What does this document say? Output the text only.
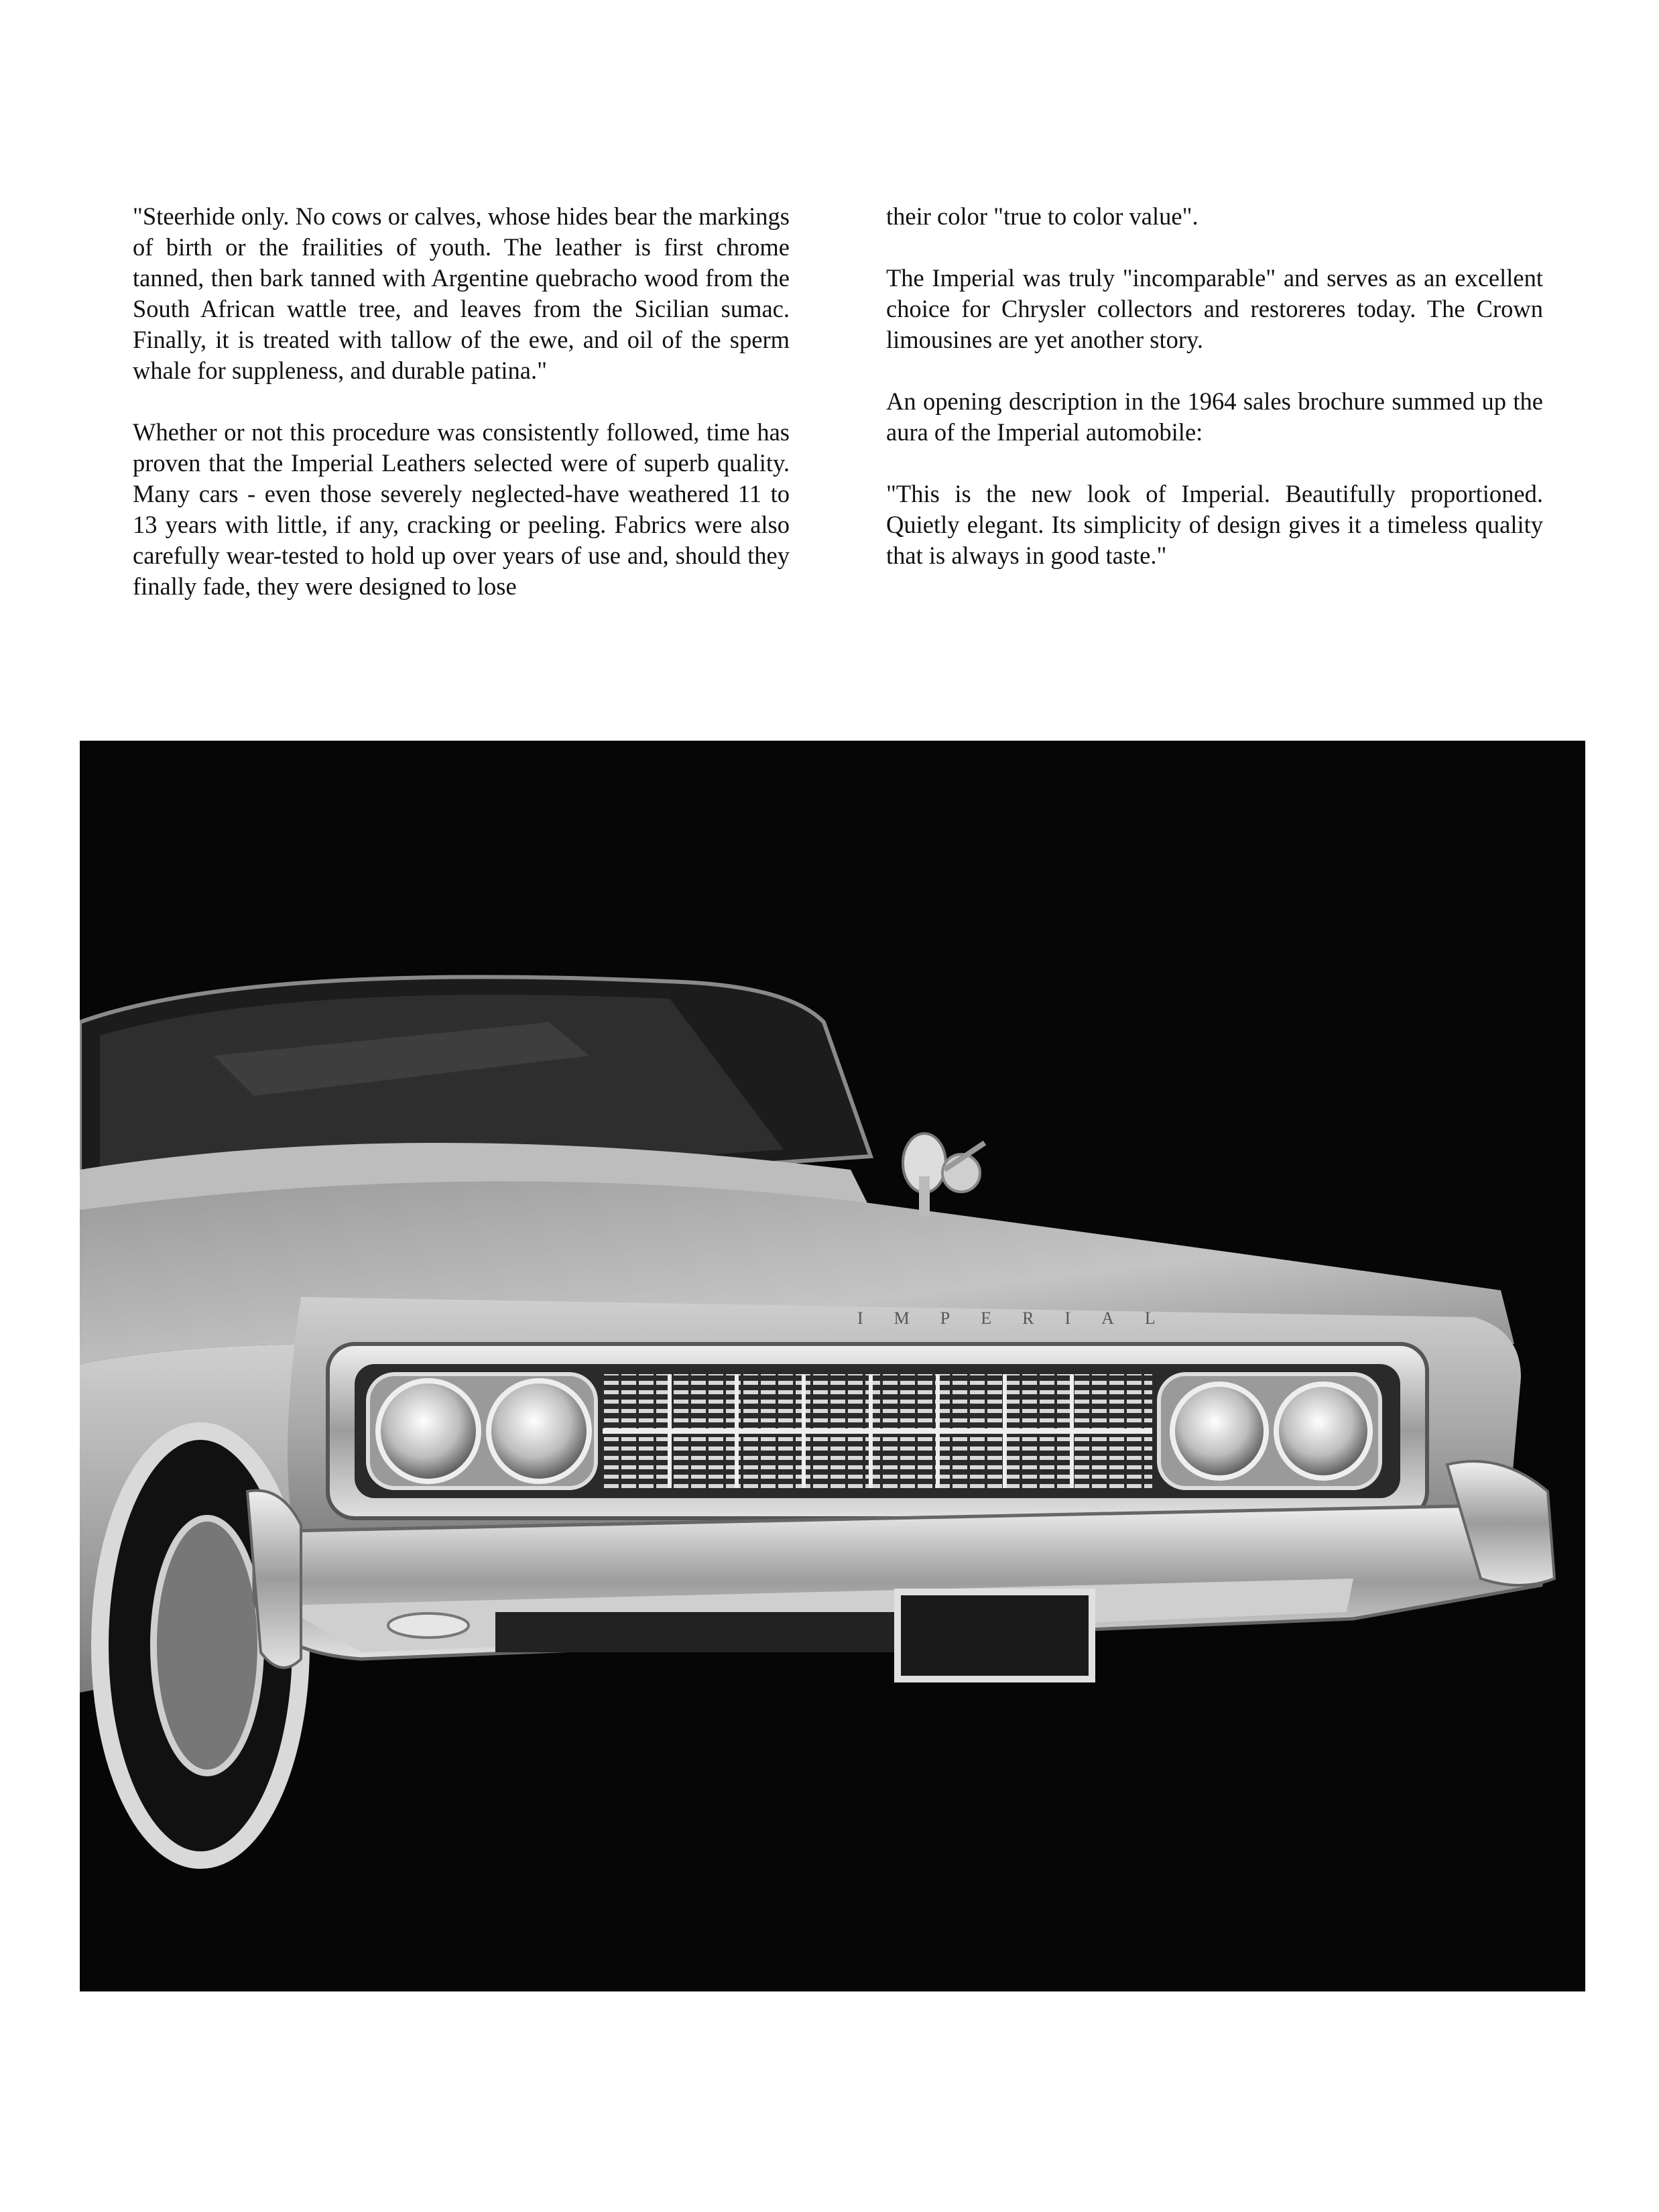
"Steerhide only. No cows or calves, whose hides bear the markings of birth or the frailities of youth. The leather is first chrome tanned, then bark tanned with Argentine quebracho wood from the South African wattle tree, and leaves from the Sicilian sumac. Finally, it is treated with tallow of the ewe, and oil of the sperm whale for suppleness, and durable patina."

Whether or not this procedure was consistently followed, time has proven that the Imperial Leathers selected were of superb quality. Many cars - even those severely neglected-have weathered 11 to 13 years with little, if any, cracking or peeling. Fabrics were also carefully wear-tested to hold up over years of use and, should they finally fade, they were designed to lose

their color "true to color value".

The Imperial was truly "incomparable" and serves as an excellent choice for Chrysler collectors and restoreres today. The Crown limousines are yet another story.

An opening description in the 1964 sales brochure summed up the aura of the Imperial automobile:

"This is the new look of Imperial. Beautifully proportioned. Quietly elegant. Its simplicity of design gives it a timeless quality that is always in good taste."

IMPERIAL
